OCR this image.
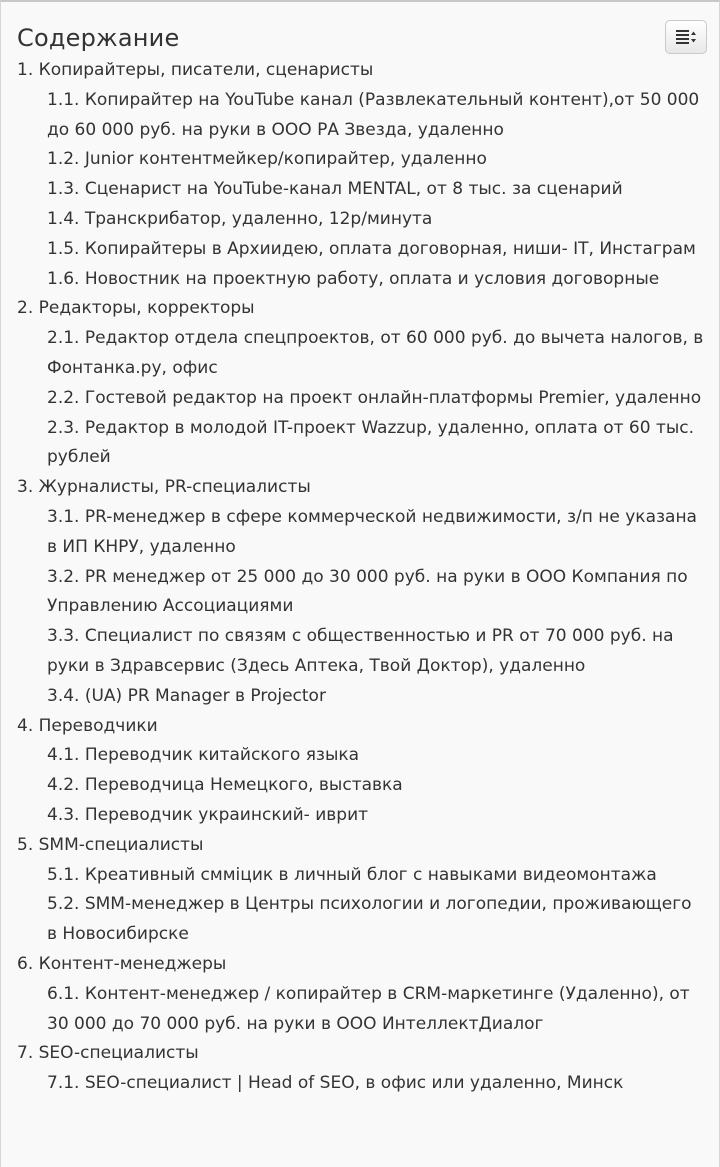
Содержание
1. Копирайтеры, писатели, сценаристы
1.1. Копирайтер на YouTube канал (Развлекательный контент),от 50 000 до 60 000 руб. на руки в ООО РА Звезда, удаленно
1.2. Junior контентмейкер/копирайтер, удаленно
1.3. Сценарист на YouTube-канал MENTAL, от 8 тыс. за сценарий
1.4. Транскрибатор, удаленно, 12р/минута
1.5. Копирайтеры в Архиидею, оплата договорная, ниши- IT, Инстаграм
1.6. Новостник на проектную работу, оплата и условия договорные
2. Редакторы, корректоры
2.1. Редактор отдела спецпроектов, от 60 000 руб. до вычета налогов, в Фонтанка.ру, офис
2.2. Гостевой редактор на проект онлайн-платформы Premier, удаленно
2.3. Редактор в молодой IT-проект Wazzup, удаленно, оплата от 60 тыс. рублей
3. Журналисты, PR-специалисты
3.1. PR-менеджер в сфере коммерческой недвижимости, з/п не указана в ИП КНРУ, удаленно
3.2. PR менеджер от 25 000 до 30 000 руб. на руки в ООО Компания по Управлению Ассоциациями
3.3. Специалист по связям с общественностью и PR от 70 000 руб. на руки в Здравсервис (Здесь Аптека, Твой Доктор), удаленно
3.4. (UA) PR Manager в Projector
4. Переводчики
4.1. Переводчик китайского языка
4.2. Переводчица Немецкого, выставка
4.3. Переводчик украинский- иврит
5. SMM-специалисты
5.1. Креативный смміцик в личный блог с навыками видеомонтажа
5.2. SMM-менеджер в Центры психологии и логопедии, проживающего в Новосибирске
6. Контент-менеджеры
6.1. Контент-менеджер / копирайтер в CRM-маркетинге (Удаленно), от 30 000 до 70 000 руб. на руки в ООО ИнтеллектДиалог
7. SEO-специалисты
7.1. SEO-специалист | Head of SEO, в офис или удаленно, Минск
